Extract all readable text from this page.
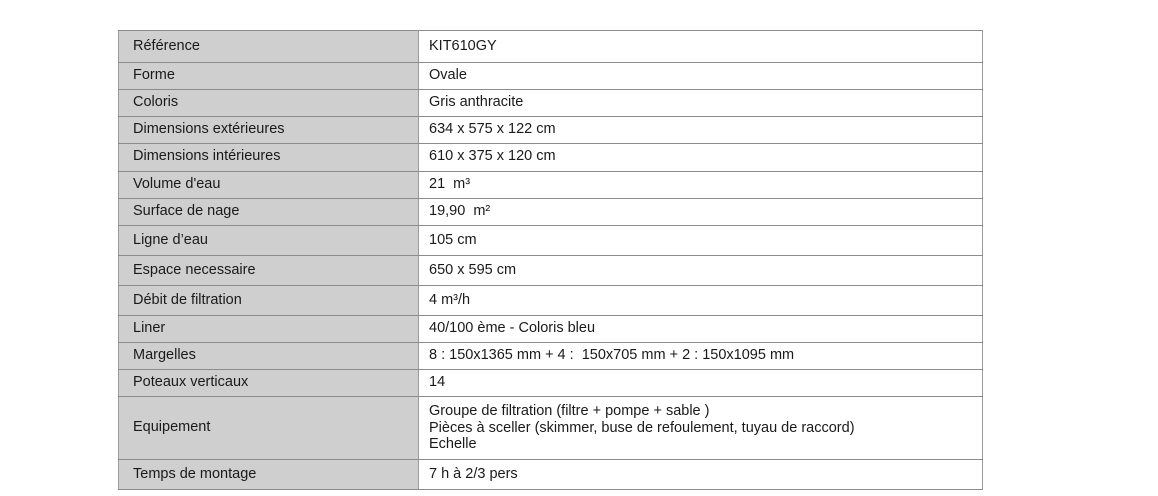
Référence	KIT610GY
Forme	Ovale
Coloris	Gris anthracite
Dimensions extérieures	634 x 575 x 122 cm
Dimensions intérieures	610 x 375 x 120 cm
Volume d'eau	21  m³
Surface de nage	19,90  m²
Ligne d’eau	105 cm
Espace necessaire	650 x 595 cm
Débit de filtration	4 m³/h
Liner	40/100 ème - Coloris bleu
Margelles	8 : 150x1365 mm + 4 :  150x705 mm + 2 : 150x1095 mm
Poteaux verticaux	14
Equipement	Groupe de filtration (filtre + pompe + sable )
Pièces à sceller (skimmer, buse de refoulement, tuyau de raccord)
Echelle

Temps de montage	7 h à 2/3 pers
